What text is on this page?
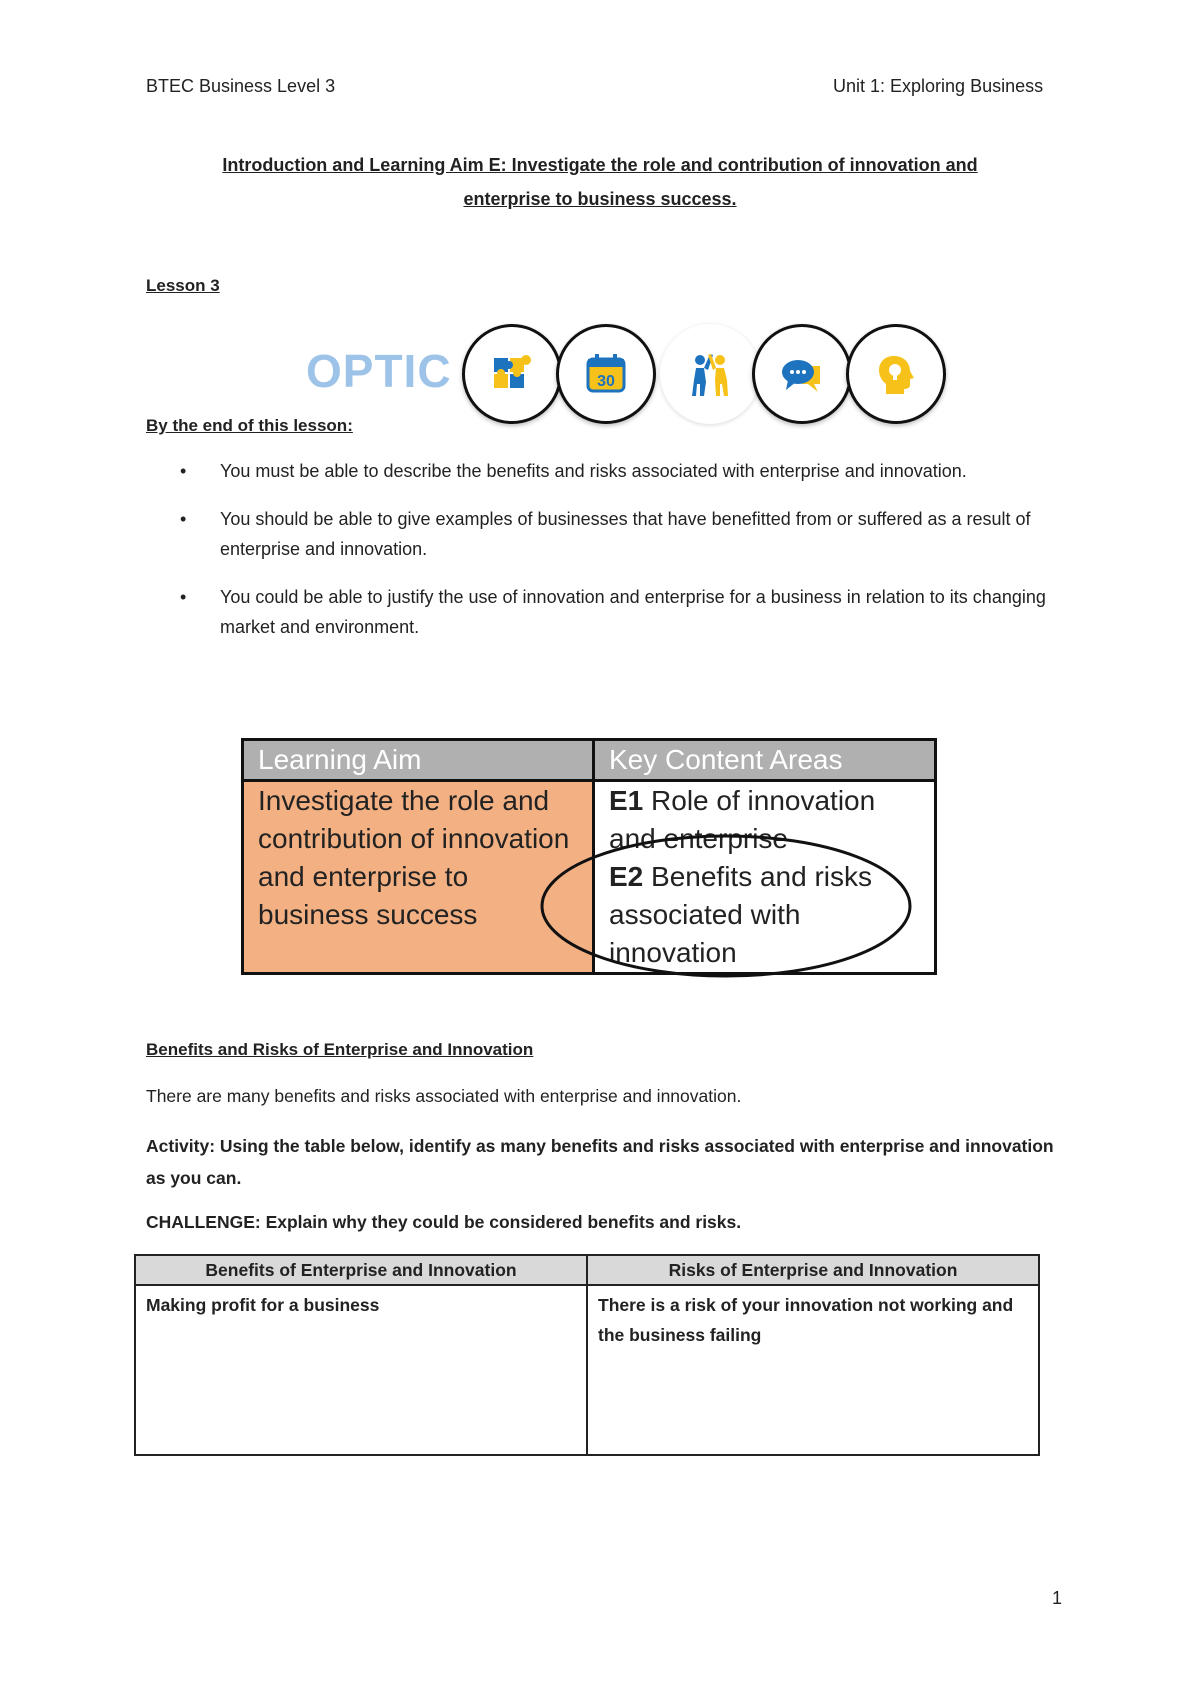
BTEC Business Level 3	Unit 1: Exploring Business
Introduction and Learning Aim E: Investigate the role and contribution of innovation and
enterprise to business success.
Lesson 3
OPTIC	30
By the end of this lesson:
• You must be able to describe the benefits and risks associated with enterprise and innovation.
• You should be able to give examples of businesses that have benefitted from or suffered as a result of enterprise and innovation.
• You could be able to justify the use of innovation and enterprise for a business in relation to its changing market and environment.
Learning Aim	Key Content Areas
Investigate the role and contribution of innovation and enterprise to business success	E1 Role of innovation and enterprise
E2 Benefits and risks associated with innovation
Benefits and Risks of Enterprise and Innovation
There are many benefits and risks associated with enterprise and innovation.
Activity: Using the table below, identify as many benefits and risks associated with enterprise and innovation as you can.
CHALLENGE: Explain why they could be considered benefits and risks.
Benefits of Enterprise and Innovation	Risks of Enterprise and Innovation
Making profit for a business	There is a risk of your innovation not working and the business failing
1
